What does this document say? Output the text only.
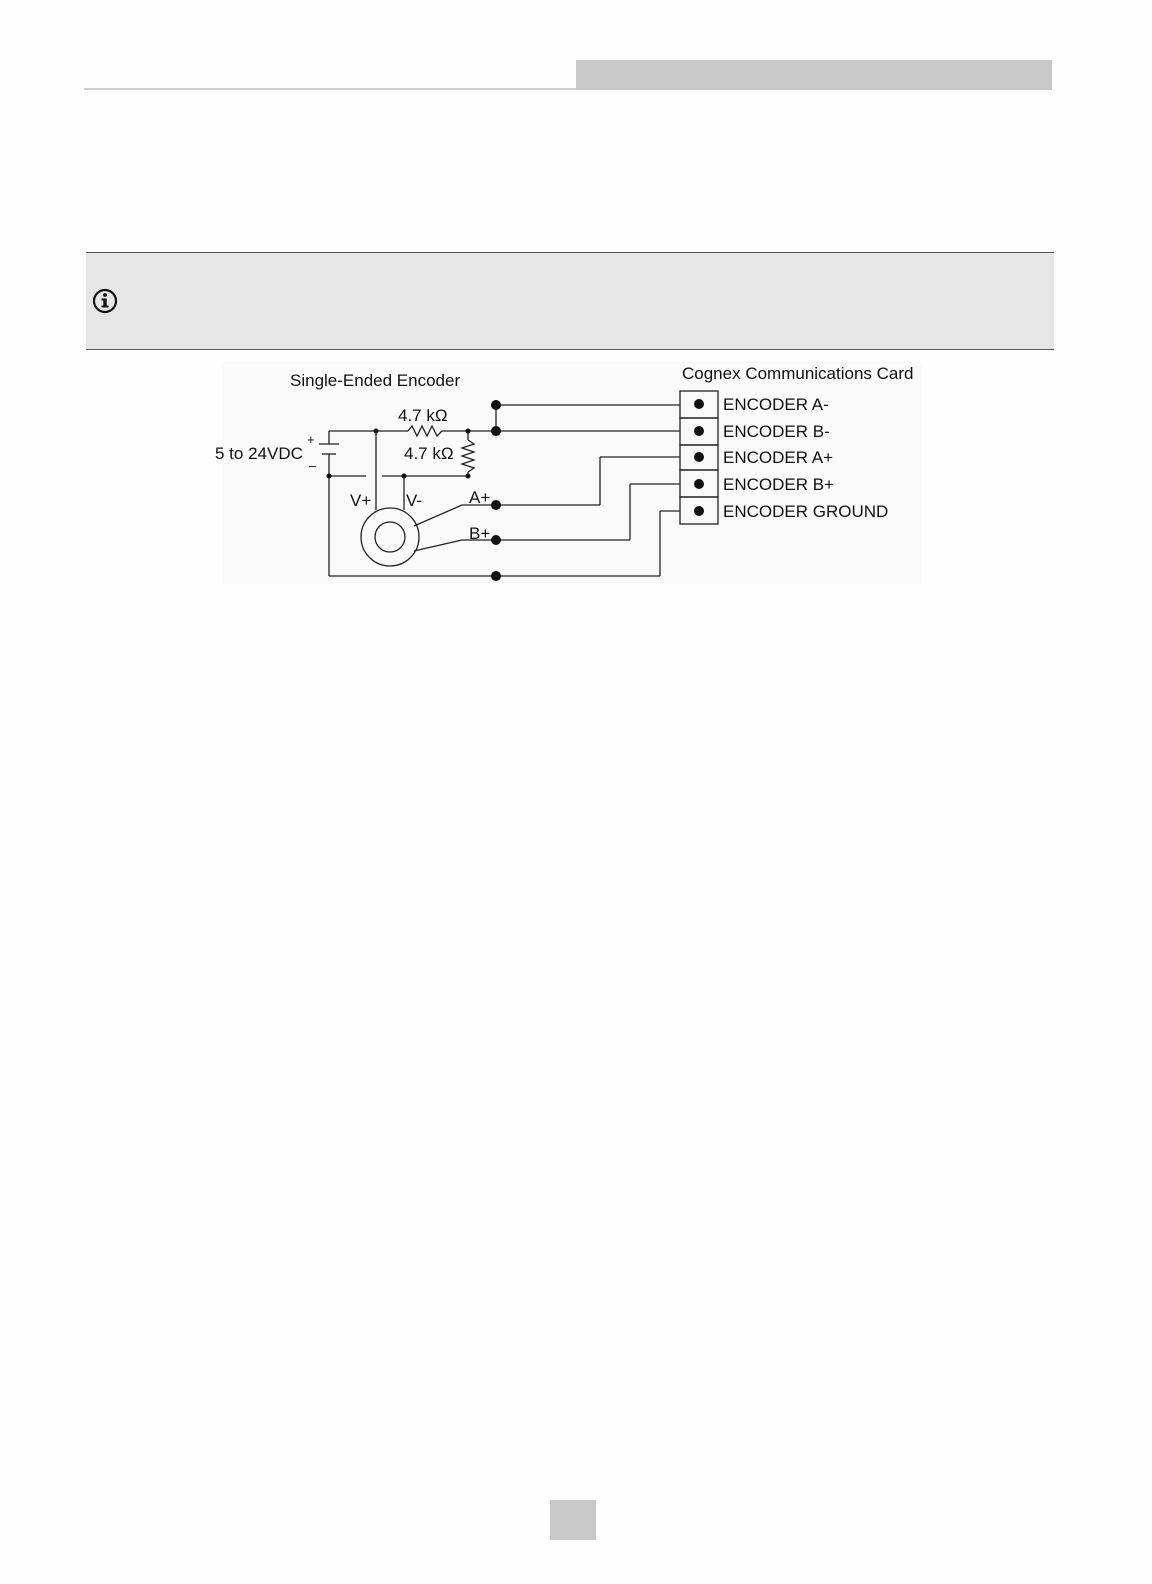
Single-Ended Encoder	Cognex Communications Card
5 to 24VDC
+
–
4.7 kΩ
4.7 kΩ
V+ V-	A+
B+
ENCODER A-
ENCODER B-
ENCODER A+
ENCODER B+
ENCODER GROUND
